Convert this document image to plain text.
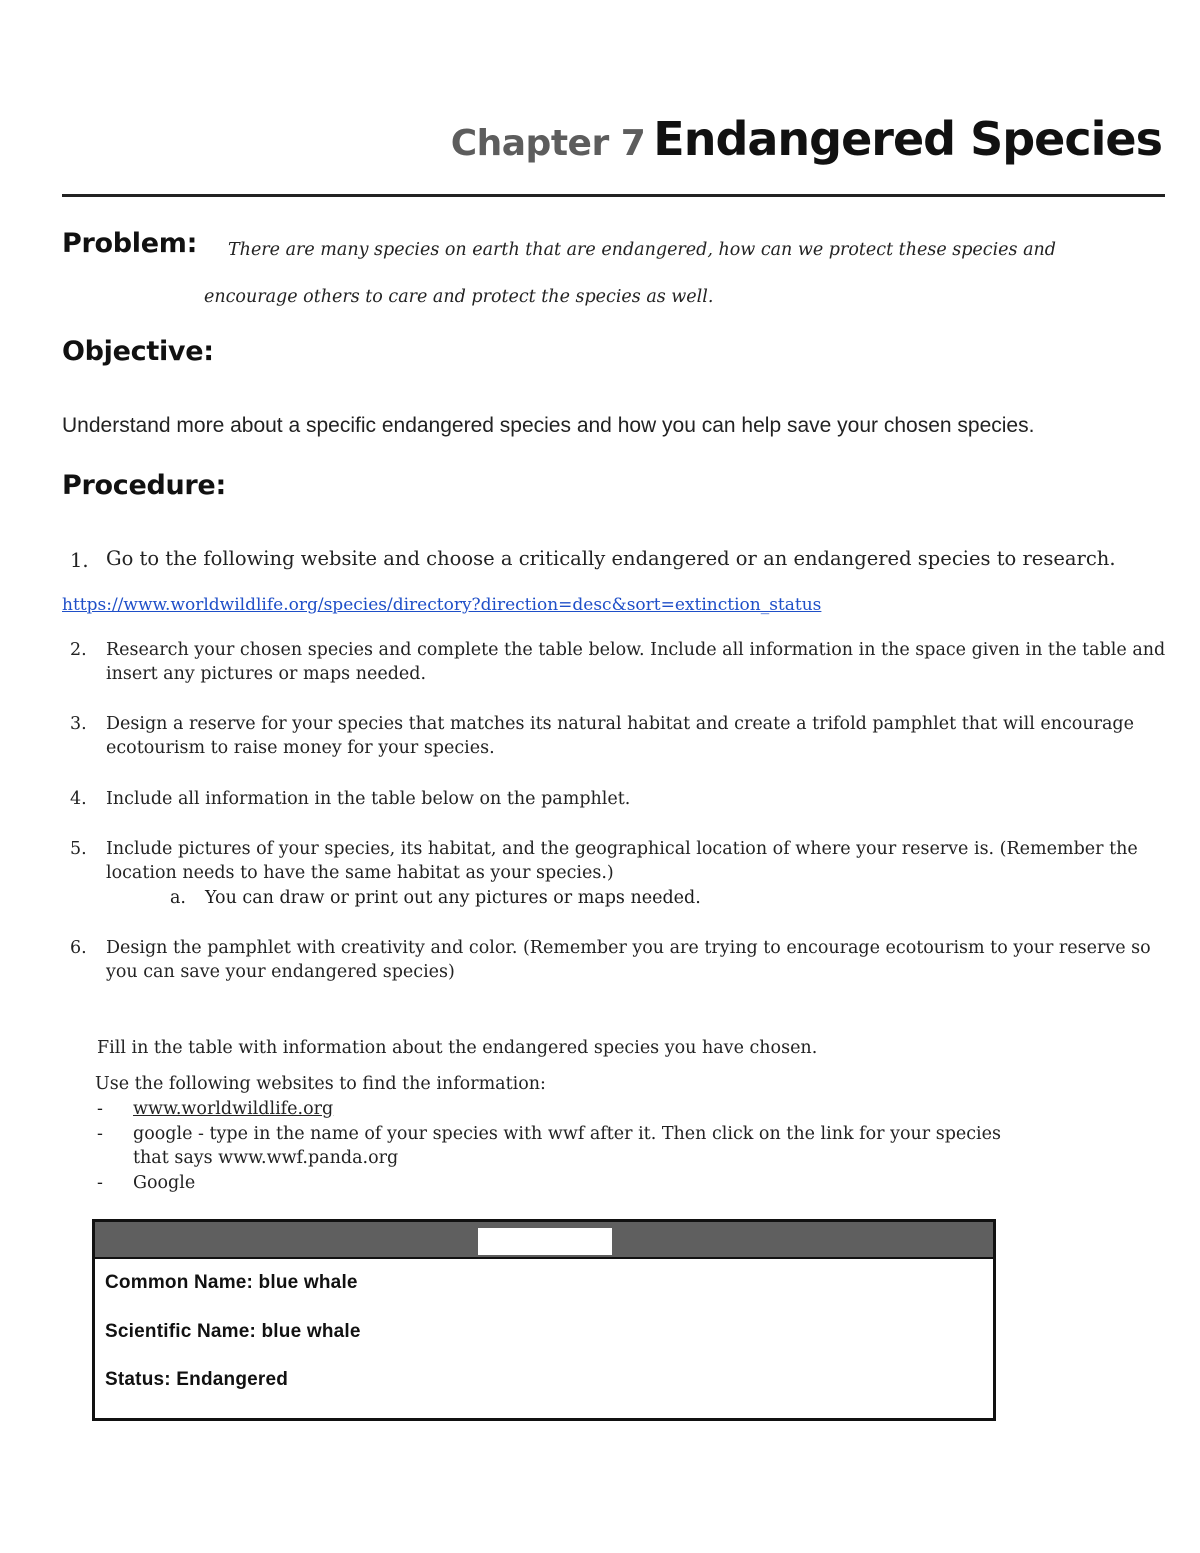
Chapter 7 Endangered Species
Problem: There are many species on earth that are endangered, how can we protect these species and
encourage others to care and protect the species as well.
Objective:
Understand more about a specific endangered species and how you can help save your chosen species.
Procedure:
1. Go to the following website and choose a critically endangered or an endangered species to research.
https://www.worldwildlife.org/species/directory?direction=desc&sort=extinction_status
2. Research your chosen species and complete the table below. Include all information in the space given in the table and insert any pictures or maps needed.
3. Design a reserve for your species that matches its natural habitat and create a trifold pamphlet that will encourage ecotourism to raise money for your species.
4. Include all information in the table below on the pamphlet.
5. Include pictures of your species, its habitat, and the geographical location of where your reserve is. (Remember the location needs to have the same habitat as your species.)
a. You can draw or print out any pictures or maps needed.
6. Design the pamphlet with creativity and color. (Remember you are trying to encourage ecotourism to your reserve so you can save your endangered species)
Fill in the table with information about the endangered species you have chosen.
Use the following websites to find the information:
- www.worldwildlife.org
- google - type in the name of your species with wwf after it. Then click on the link for your species that says www.wwf.panda.org
- Google
Common Name: blue whale
Scientific Name: blue whale
Status: Endangered
